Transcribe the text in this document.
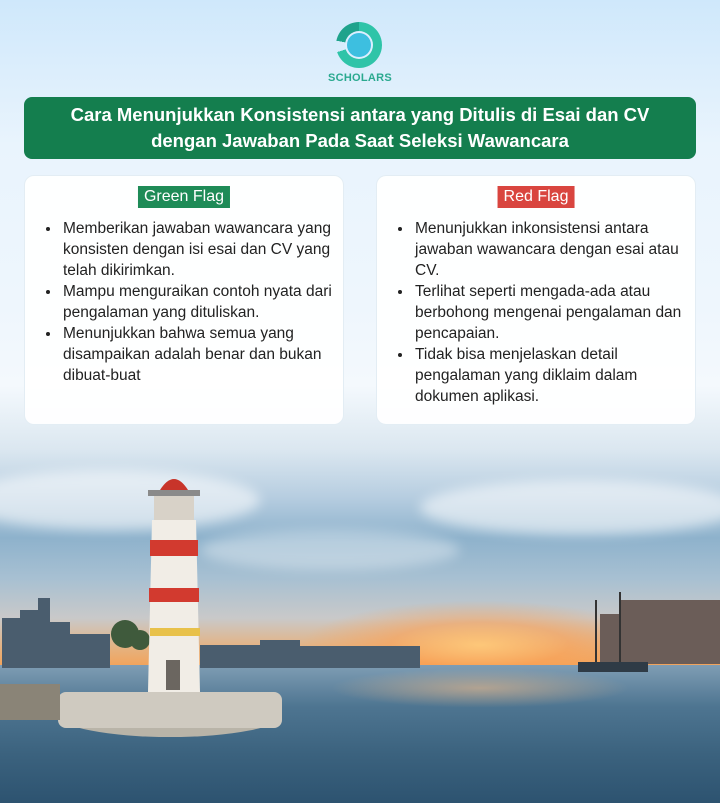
SCHOLARS
Cara Menunjukkan Konsistensi antara yang Ditulis di Esai dan CV dengan Jawaban Pada Saat Seleksi Wawancara
Green Flag
• Memberikan jawaban wawancara yang konsisten dengan isi esai dan CV yang telah dikirimkan.
• Mampu menguraikan contoh nyata dari pengalaman yang dituliskan.
• Menunjukkan bahwa semua yang disampaikan adalah benar dan bukan dibuat-buat
Red Flag
• Menunjukkan inkonsistensi antara jawaban wawancara dengan esai atau CV.
• Terlihat seperti mengada-ada atau berbohong mengenai pengalaman dan pencapaian.
• Tidak bisa menjelaskan detail pengalaman yang diklaim dalam dokumen aplikasi.
